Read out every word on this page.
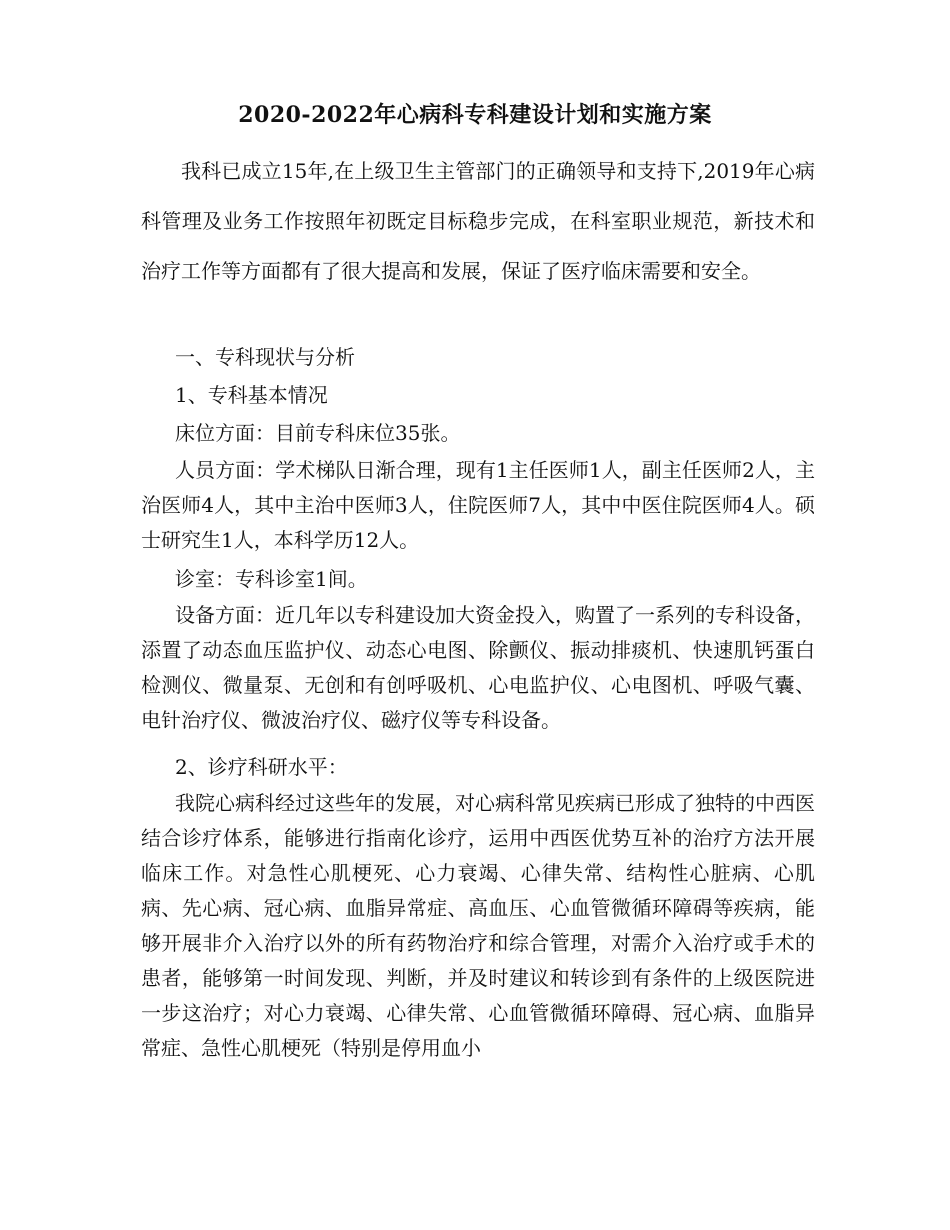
2020-2022年心病科专科建设计划和实施方案

我科已成立15年,在上级卫生主管部门的正确领导和支持下,2019年心病科管理及业务工作按照年初既定目标稳步完成，在科室职业规范，新技术和治疗工作等方面都有了很大提高和发展，保证了医疗临床需要和安全。

一、专科现状与分析

1、专科基本情况

床位方面：目前专科床位35张。

人员方面：学术梯队日渐合理，现有1主任医师1人，副主任医师2人，主治医师4人，其中主治中医师3人，住院医师7人，其中中医住院医师4人。硕士研究生1人，本科学历12人。

诊室：专科诊室1间。

设备方面：近几年以专科建设加大资金投入，购置了一系列的专科设备，添置了动态血压监护仪、动态心电图、除颤仪、振动排痰机、快速肌钙蛋白检测仪、微量泵、无创和有创呼吸机、心电监护仪、心电图机、呼吸气囊、电针治疗仪、微波治疗仪、磁疗仪等专科设备。

2、诊疗科研水平：

我院心病科经过这些年的发展，对心病科常见疾病已形成了独特的中西医结合诊疗体系，能够进行指南化诊疗，运用中西医优势互补的治疗方法开展临床工作。对急性心肌梗死、心力衰竭、心律失常、结构性心脏病、心肌病、先心病、冠心病、血脂异常症、高血压、心血管微循环障碍等疾病，能够开展非介入治疗以外的所有药物治疗和综合管理，对需介入治疗或手术的患者，能够第一时间发现、判断，并及时建议和转诊到有条件的上级医院进一步这治疗；对心力衰竭、心律失常、心血管微循环障碍、冠心病、血脂异常症、急性心肌梗死（特别是停用血小
